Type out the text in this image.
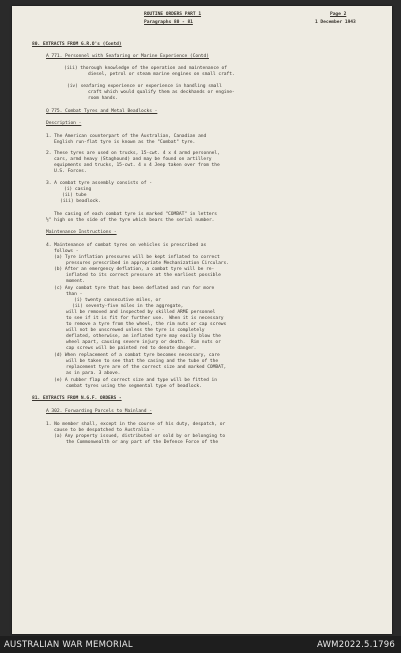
ROUTINE ORDERS PART 1	Page 2
Paragraphs 80 - 81	1 December 1943
80. EXTRACTS FROM G.R.O's (Contd)
A 771. Personnel with Seafaring or Marine Experience (Contd)
(iii) thorough knowledge of the operation and maintenance of
diesel, petrol or steam marine engines on small craft.
(iv) seafaring experience or experience in handling small
craft which would qualify them as deckhands or engine-
room hands.
Q 775. Combat Tyres and Metal Beadlocks -
Description -
1. The American counterpart of the Australian, Canadian and
English run-flat tyre is known as the "Combat" tyre.
2. These tyres are used on trucks, 15-cwt. 4 x 4 armd personnel,
cars, armd heavy (Staghound) and may be found on artillery
equipments and trucks, 15-cwt. 4 x 4 Jeep taken over from the
U.S. Forces.
3. A combat tyre assembly consists of -
(i) casing
(ii) tube
(iii) beadlock.
The casing of each combat tyre is marked "COMBAT" in letters
½" high on the side of the tyre which bears the serial number.
Maintenance Instructions -
4. Maintenance of combat tyres on vehicles is prescribed as
follows -
(a) Tyre inflation pressures will be kept inflated to correct
pressures prescribed in appropriate Mechanization Circulars.
(b) After an emergency deflation, a combat tyre will be re-
inflated to its correct pressure at the earliest possible
moment.
(c) Any combat tyre that has been deflated and run for more
than -
(i) twenty consecutive miles, or
(ii) seventy-five miles in the aggregate,
will be removed and inspected by skilled ARME personnel
to see if it is fit for further use.  When it is necessary
to remove a tyre from the wheel, the rim nuts or cap screws
will not be unscrewed unless the tyre is completely
deflated, otherwise, an inflated tyre may easily blow the
wheel apart, causing severe injury or death.  Rim nuts or
cap screws will be painted red to denote danger.
(d) When replacement of a combat tyre becomes necessary, care
will be taken to see that the casing and the tube of the
replacement tyre are of the correct size and marked COMBAT,
as in para. 3 above.
(e) A rubber flap of correct size and type will be fitted in
combat tyres using the segmental type of beadlock.
81. EXTRACTS FROM N.G.F. ORDERS -
A 302. Forwarding Parcels to Mainland -
1. No member shall, except in the course of his duty, despatch, or
cause to be despatched to Australia -
(a) Any property issued, distributed or sold by or belonging to
the Commonwealth or any part of the Defence Force of the
AUSTRALIAN WAR MEMORIAL	AWM2022.5.1796
